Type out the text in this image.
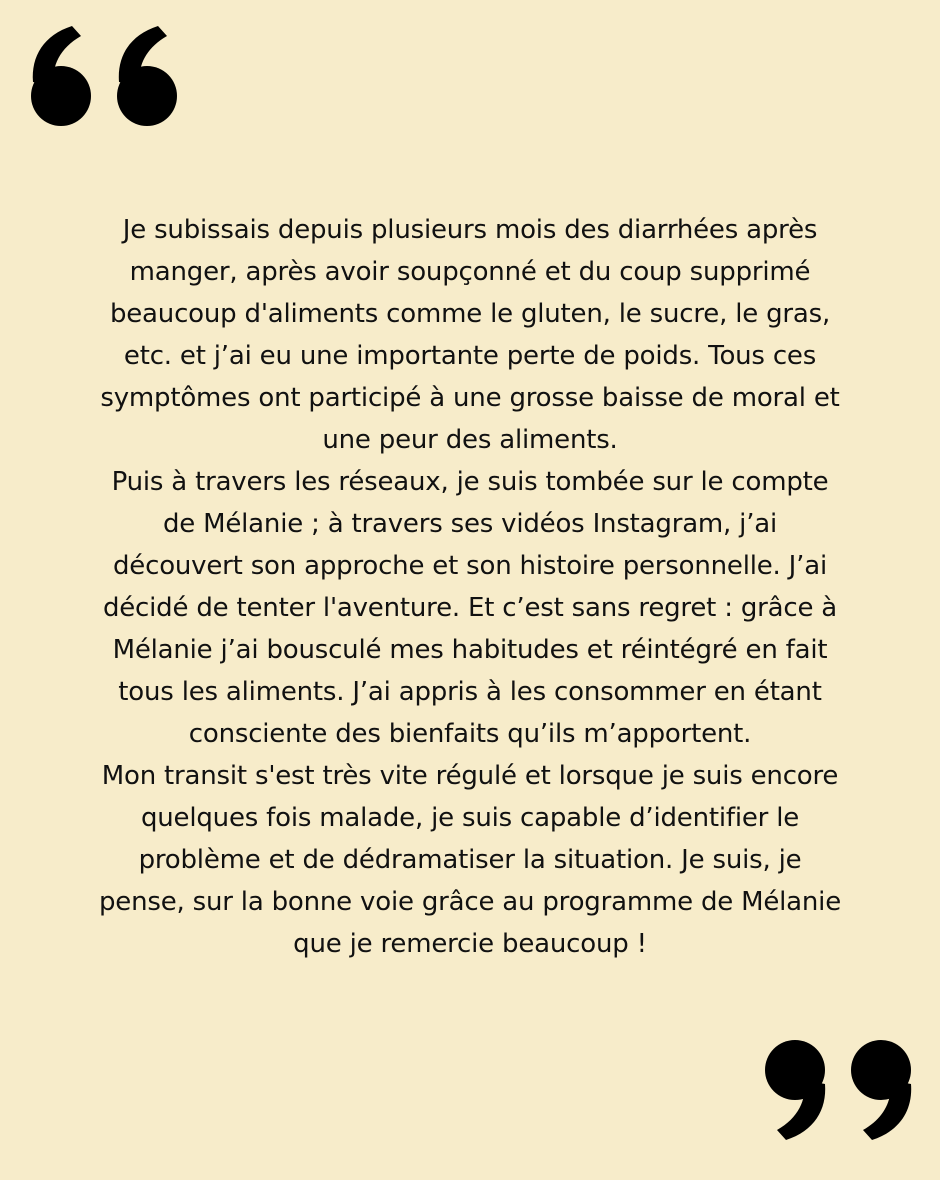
Je subissais depuis plusieurs mois des diarrhées après
manger, après avoir soupçonné et du coup supprimé
beaucoup d'aliments comme le gluten, le sucre, le gras,
etc. et j’ai eu une importante perte de poids. Tous ces
symptômes ont participé à une grosse baisse de moral et
une peur des aliments.

Puis à travers les réseaux, je suis tombée sur le compte
de Mélanie ; à travers ses vidéos Instagram, j’ai
découvert son approche et son histoire personnelle. J’ai
décidé de tenter l'aventure. Et c’est sans regret : grâce à
Mélanie j’ai bousculé mes habitudes et réintégré en fait
tous les aliments. J’ai appris à les consommer en étant
consciente des bienfaits qu’ils m’apportent.

Mon transit s'est très vite régulé et lorsque je suis encore
quelques fois malade, je suis capable d’identifier le
problème et de dédramatiser la situation. Je suis, je
pense, sur la bonne voie grâce au programme de Mélanie
que je remercie beaucoup !
